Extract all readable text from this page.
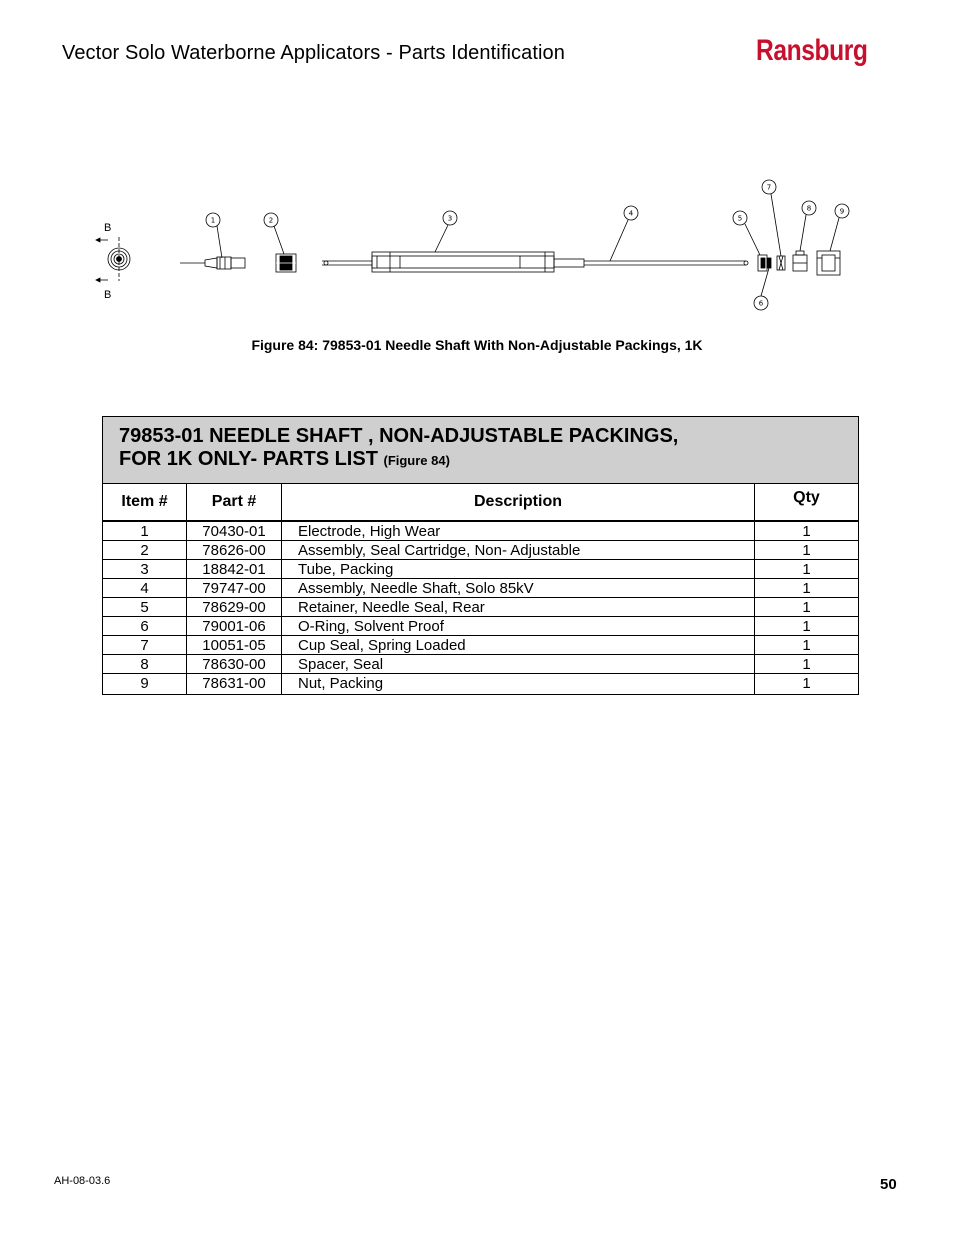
Vector Solo Waterborne Applicators - Parts Identification	Ransburg
B
B
1	2	3
4
5
6
7
8	9
Figure 84: 79853-01 Needle Shaft With Non-Adjustable Packings, 1K
79853-01 NEEDLE SHAFT , NON-ADJUSTABLE PACKINGS,
FOR 1K ONLY- PARTS LIST (Figure 84)
Item #	Part #	Description	Qty
1	70430-01	Electrode, High Wear	1
2	78626-00	Assembly, Seal Cartridge, Non- Adjustable	1
3	18842-01	Tube, Packing	1
4	79747-00	Assembly, Needle Shaft, Solo 85kV	1
5	78629-00	Retainer, Needle Seal, Rear	1
6	79001-06	O-Ring, Solvent Proof	1
7	10051-05	Cup Seal, Spring Loaded	1
8	78630-00	Spacer, Seal	1
9	78631-00	Nut, Packing	1
AH-08-03.6	50
